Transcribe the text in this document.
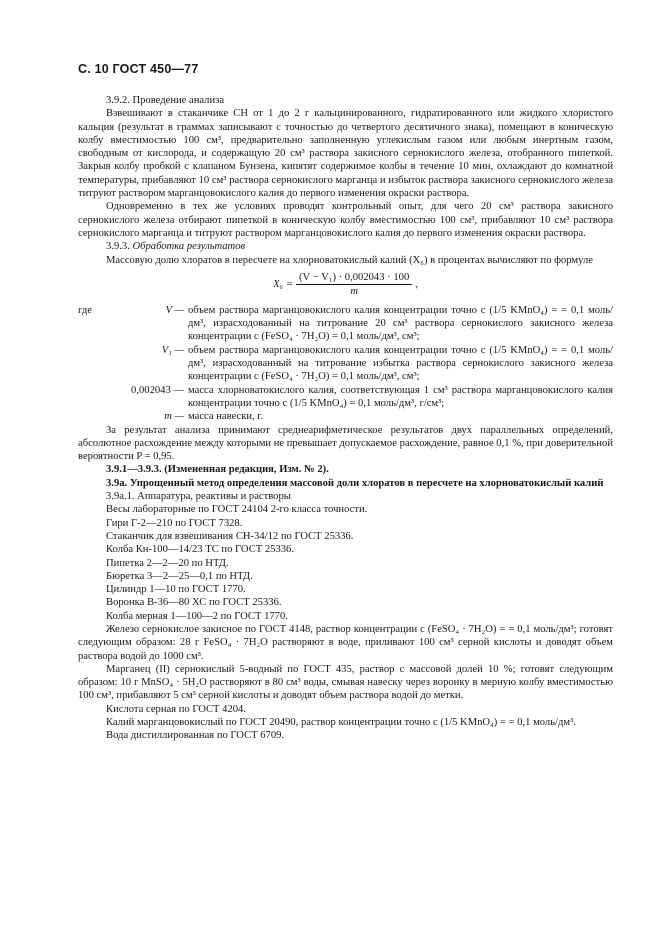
С. 10 ГОСТ 450—77

3.9.2. Проведение анализа

Взвешивают в стаканчике СН от 1 до 2 г кальцинированного, гидратированного или жидкого хлористого кальция (результат в граммах записывают с точностью до четвертого десятичного знака), помещают в коническую колбу вместимостью 100 см³, предварительно заполненную углекислым газом или любым инертным газом, свободным от кислорода, и содержащую 20 см³ раствора закисного сернокислого железа, отобранного пипеткой. Закрыв колбу пробкой с клапаном Бунзена, кипятят содержимое колбы в течение 10 мин, охлаждают до комнатной температуры, прибавляют 10 см³ раствора сернокислого марганца и избыток раствора закисного сернокислого железа титруют раствором марганцовокислого калия до первого изменения окраски раствора.

Одновременно в тех же условиях проводят контрольный опыт, для чего 20 см³ раствора закисного сернокислого железа отбирают пипеткой в коническую колбу вместимостью 100 см³, прибавляют 10 см³ раствора сернокислого марганца и титруют раствором марганцовокислого калия до первого изменения окраски раствора.

3.9.3. Обработка результатов

Массовую долю хлоратов в пересчете на хлорноватокислый калий (X₆) в процентах вычисляют по формуле

$X_6 = \frac{\text{(V − V₁) · 0,002043 · 100}}{m}$ ,
где	V — объем раствора марганцовокислого калия концентрации точно c (1/5 KMnO₄) = = 0,1 моль/дм³, израсходованный на титрование 20 см³ раствора сернокислого закисного железа концентрации c (FeSO₄ · 7H₂O) = 0,1 моль/дм³, см³;
V₁ — объем раствора марганцовокислого калия концентрации точно c (1/5 KMnO₄) = = 0,1 моль/дм³, израсходованный на титрование избытка раствора сернокислого закисного железа концентрации c (FeSO₄ · 7H₂O) = 0,1 моль/дм³, см³;
0,002043 — масса хлорноватокислого калия, соответствующая 1 см³ раствора марганцовокислого калия концентрации точно c (1/5 KMnO₄) = 0,1 моль/дм³, г/см³;
m — масса навески, г.

За результат анализа принимают среднеарифметическое результатов двух параллельных определений, абсолютное расхождение между которыми не превышает допускаемое расхождение, равное 0,1 %, при доверительной вероятности P = 0,95.

3.9.1—3.9.3. (Измененная редакция, Изм. № 2).

3.9а. Упрощенный метод определения массовой доли хлоратов в пересчете на хлорноватокислый калий

3.9а.1. Аппаратура, реактивы и растворы

Весы лабораторные по ГОСТ 24104 2-го класса точности.

Гири Г-2—210 по ГОСТ 7328.

Стаканчик для взвешивания СН-34/12 по ГОСТ 25336.

Колба Кн-100—14/23 ТС по ГОСТ 25336.

Пипетка 2—2—20 по НТД.

Бюретка 3—2—25—0,1 по НТД.

Цилиндр 1—10 по ГОСТ 1770.

Воронка В-36—80 ХС по ГОСТ 25336.

Колба мерная 1—100—2 по ГОСТ 1770.

Железо сернокислое закисное по ГОСТ 4148, раствор концентрации c (FeSO₄ · 7H₂O) = = 0,1 моль/дм³; готовят следующим образом: 28 г FeSO₄ · 7H₂O растворяют в воде, приливают 100 см³ серной кислоты и доводят объем раствора водой до 1000 см³.

Марганец (II) сернокислый 5-водный по ГОСТ 435, раствор с массовой долей 10 %; готовят следующим образом: 10 г MnSO₄ · 5H₂O растворяют в 80 см³ воды, смывая навеску через воронку в мерную колбу вместимостью 100 см³, прибавляют 5 см³ серной кислоты и доводят объем раствора водой до метки.

Кислота серная по ГОСТ 4204.

Калий марганцовокислый по ГОСТ 20490, раствор концентрации точно c (1/5 KMnO₄) = = 0,1 моль/дм³.

Вода дистиллированная по ГОСТ 6709.
